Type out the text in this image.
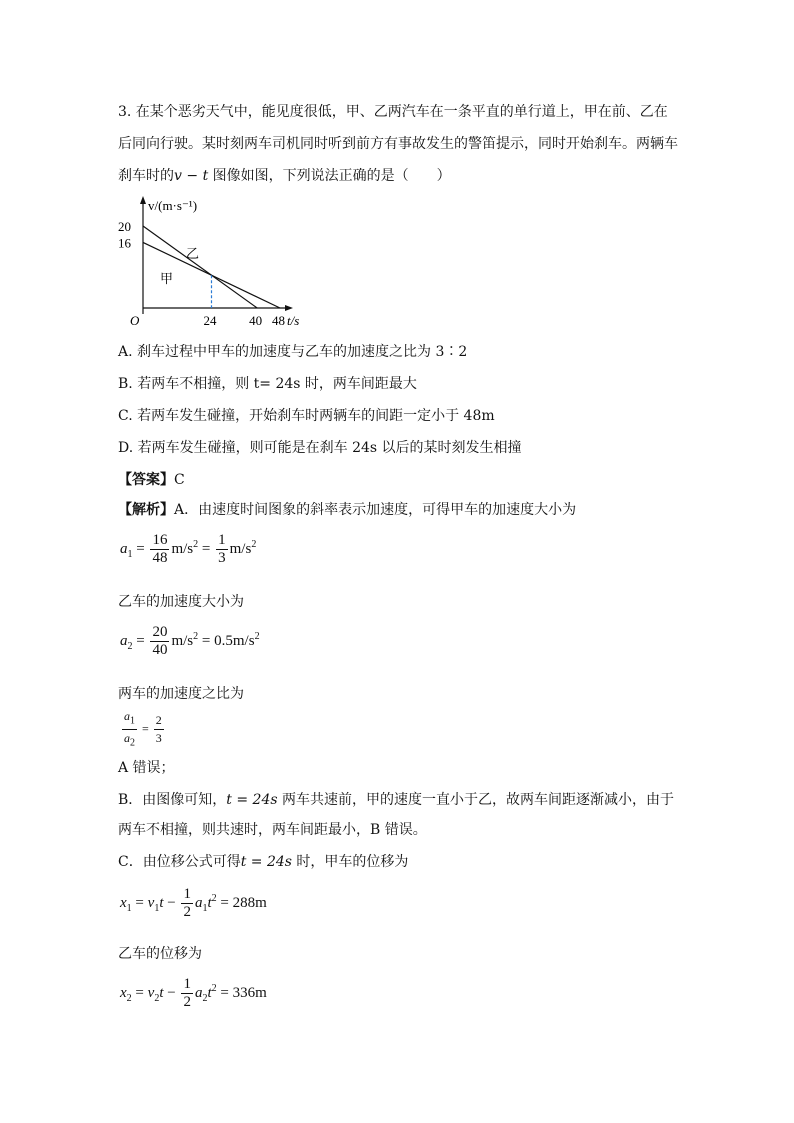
3. 在某个恶劣天气中，能见度很低，甲、乙两汽车在一条平直的单行道上，甲在前、乙在
后同向行驶。某时刻两车司机同时听到前方有事故发生的警笛提示，同时开始刹车。两辆车
刹车时的v − t 图像如图，下列说法正确的是（　　）
v/(m·s⁻¹)
t/s
O
20
16
24	40 48
甲
乙
A. 刹车过程中甲车的加速度与乙车的加速度之比为 3∶2
B. 若两车不相撞，则 t= 24s 时，两车间距最大
C. 若两车发生碰撞，开始刹车时两辆车的间距一定小于 48m
D. 若两车发生碰撞，则可能是在刹车 24s 以后的某时刻发生相撞
【答案】C
【解析】A．由速度时间图象的斜率表示加速度，可得甲车的加速度大小为
$a_1 = \frac{16}{48} m/s^2 = \frac{1}{3} m/s^2$
乙车的加速度大小为
$a_2 = \frac{20}{40} m/s^2 = 0.5m/s^2$
两车的加速度之比为
$\frac{a_1}{a_2} = \frac{2}{3}$
A 错误；
B．由图像可知，t = 24s 两车共速前，甲的速度一直小于乙，故两车间距逐渐减小，由于
两车不相撞，则共速时，两车间距最小，B 错误。
C．由位移公式可得t = 24s 时，甲车的位移为
$x_1 = v_1t - \frac{1}{2} a_1t^2 = 288m$
乙车的位移为
$x_2 = v_2t - \frac{1}{2} a_2t^2 = 336m$
